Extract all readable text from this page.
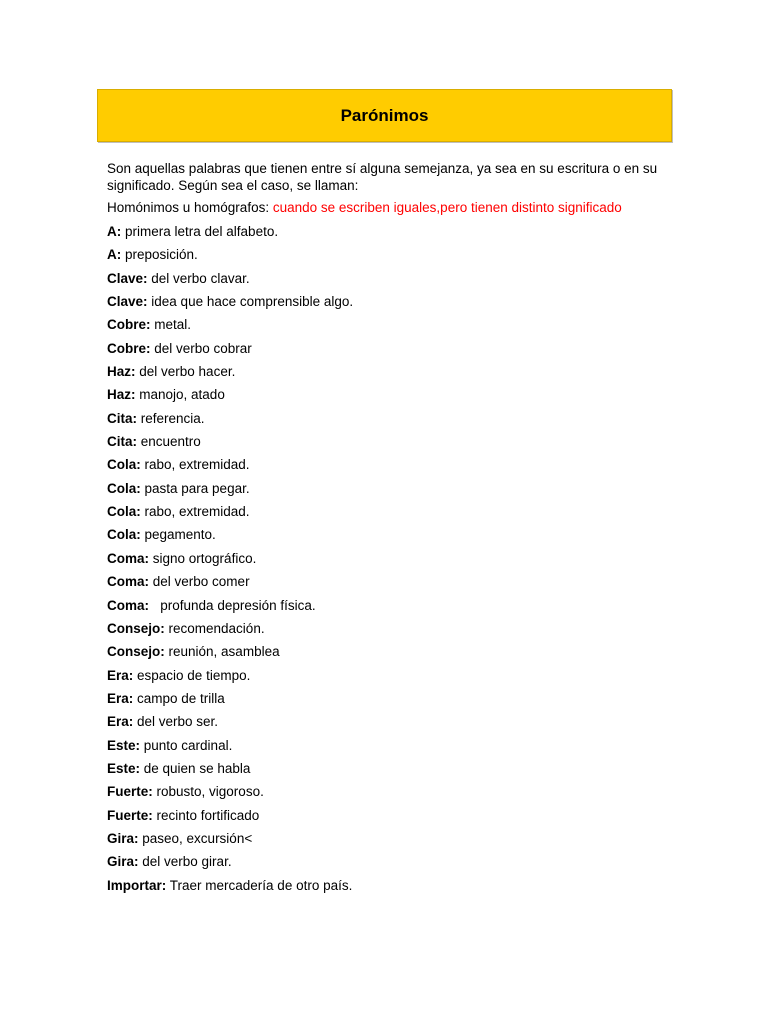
Parónimos
Son aquellas palabras que tienen entre sí alguna semejanza, ya sea en su escritura o en su significado. Según sea el caso, se llaman:
Homónimos u homógrafos: cuando se escriben iguales,pero tienen distinto significado
A: primera letra del alfabeto.
A: preposición.
Clave: del verbo clavar.
Clave: idea que hace comprensible algo.
Cobre: metal.
Cobre: del verbo cobrar
Haz: del verbo hacer.
Haz: manojo, atado
Cita: referencia.
Cita: encuentro
Cola: rabo, extremidad.
Cola: pasta para pegar.
Cola: rabo, extremidad.
Cola: pegamento.
Coma: signo ortográfico.
Coma: del verbo comer
Coma:   profunda depresión física.
Consejo: recomendación.
Consejo: reunión, asamblea
Era: espacio de tiempo.
Era: campo de trilla
Era: del verbo ser.
Este: punto cardinal.
Este: de quien se habla
Fuerte: robusto, vigoroso.
Fuerte: recinto fortificado
Gira: paseo, excursión<
Gira: del verbo girar.
Importar: Traer mercadería de otro país.
